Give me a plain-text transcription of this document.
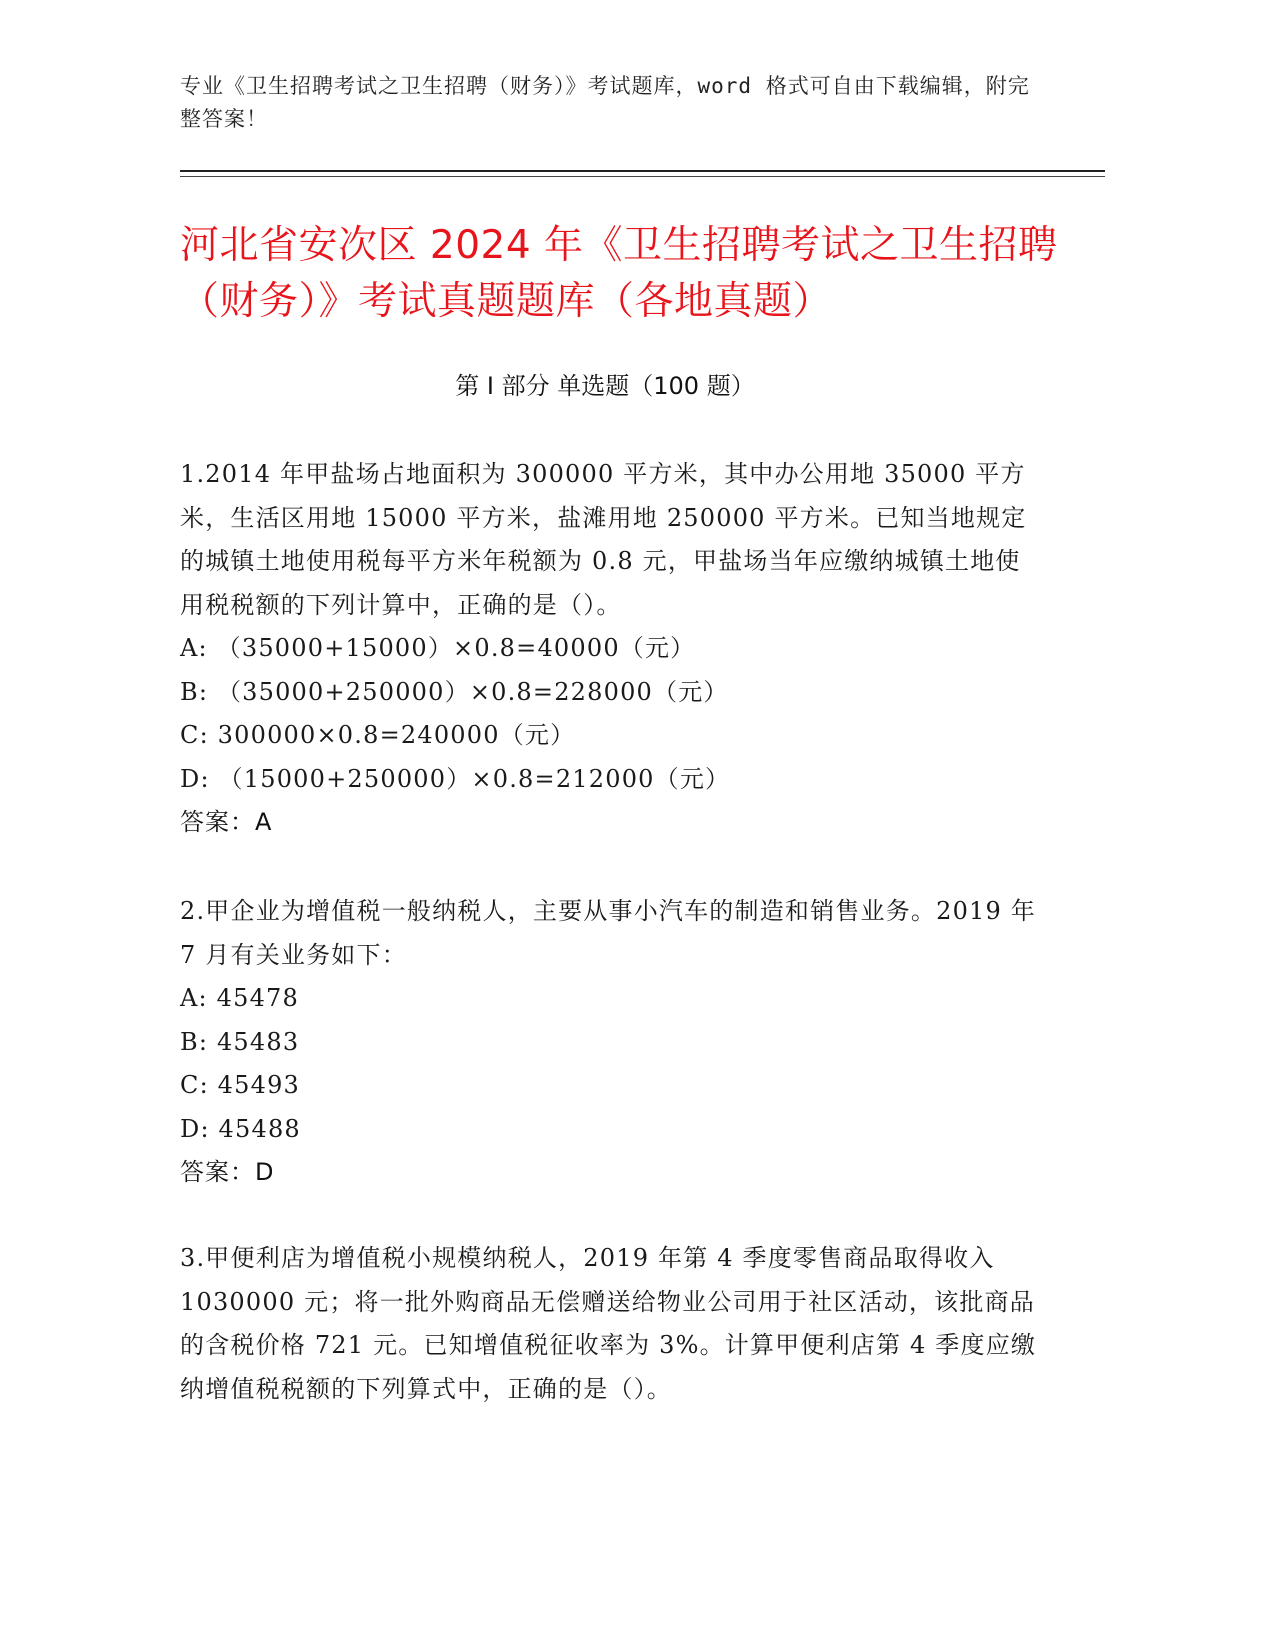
专业《卫生招聘考试之卫生招聘（财务）》考试题库，word 格式可自由下载编辑，附完整答案！
河北省安次区 2024 年《卫生招聘考试之卫生招聘（财务）》考试真题题库（各地真题）
第 I 部分 单选题（100 题）

1.2014 年甲盐场占地面积为 300000 平方米，其中办公用地 35000 平方米，生活区用地 15000 平方米，盐滩用地 250000 平方米。已知当地规定的城镇土地使用税每平方米年税额为 0.8 元，甲盐场当年应缴纳城镇土地使用税税额的下列计算中，正确的是（）。

A: （35000+15000）×0.8=40000（元）

B: （35000+250000）×0.8=228000（元）

C: 300000×0.8=240000（元）

D: （15000+250000）×0.8=212000（元）

答案：A

2.甲企业为增值税一般纳税人，主要从事小汽车的制造和销售业务。2019 年 7 月有关业务如下：

A: 45478

B: 45483

C: 45493

D: 45488

答案：D

3.甲便利店为增值税小规模纳税人，2019 年第 4 季度零售商品取得收入 1030000 元；将一批外购商品无偿赠送给物业公司用于社区活动，该批商品的含税价格 721 元。已知增值税征收率为 3%。计算甲便利店第 4 季度应缴纳增值税税额的下列算式中，正确的是（）。
